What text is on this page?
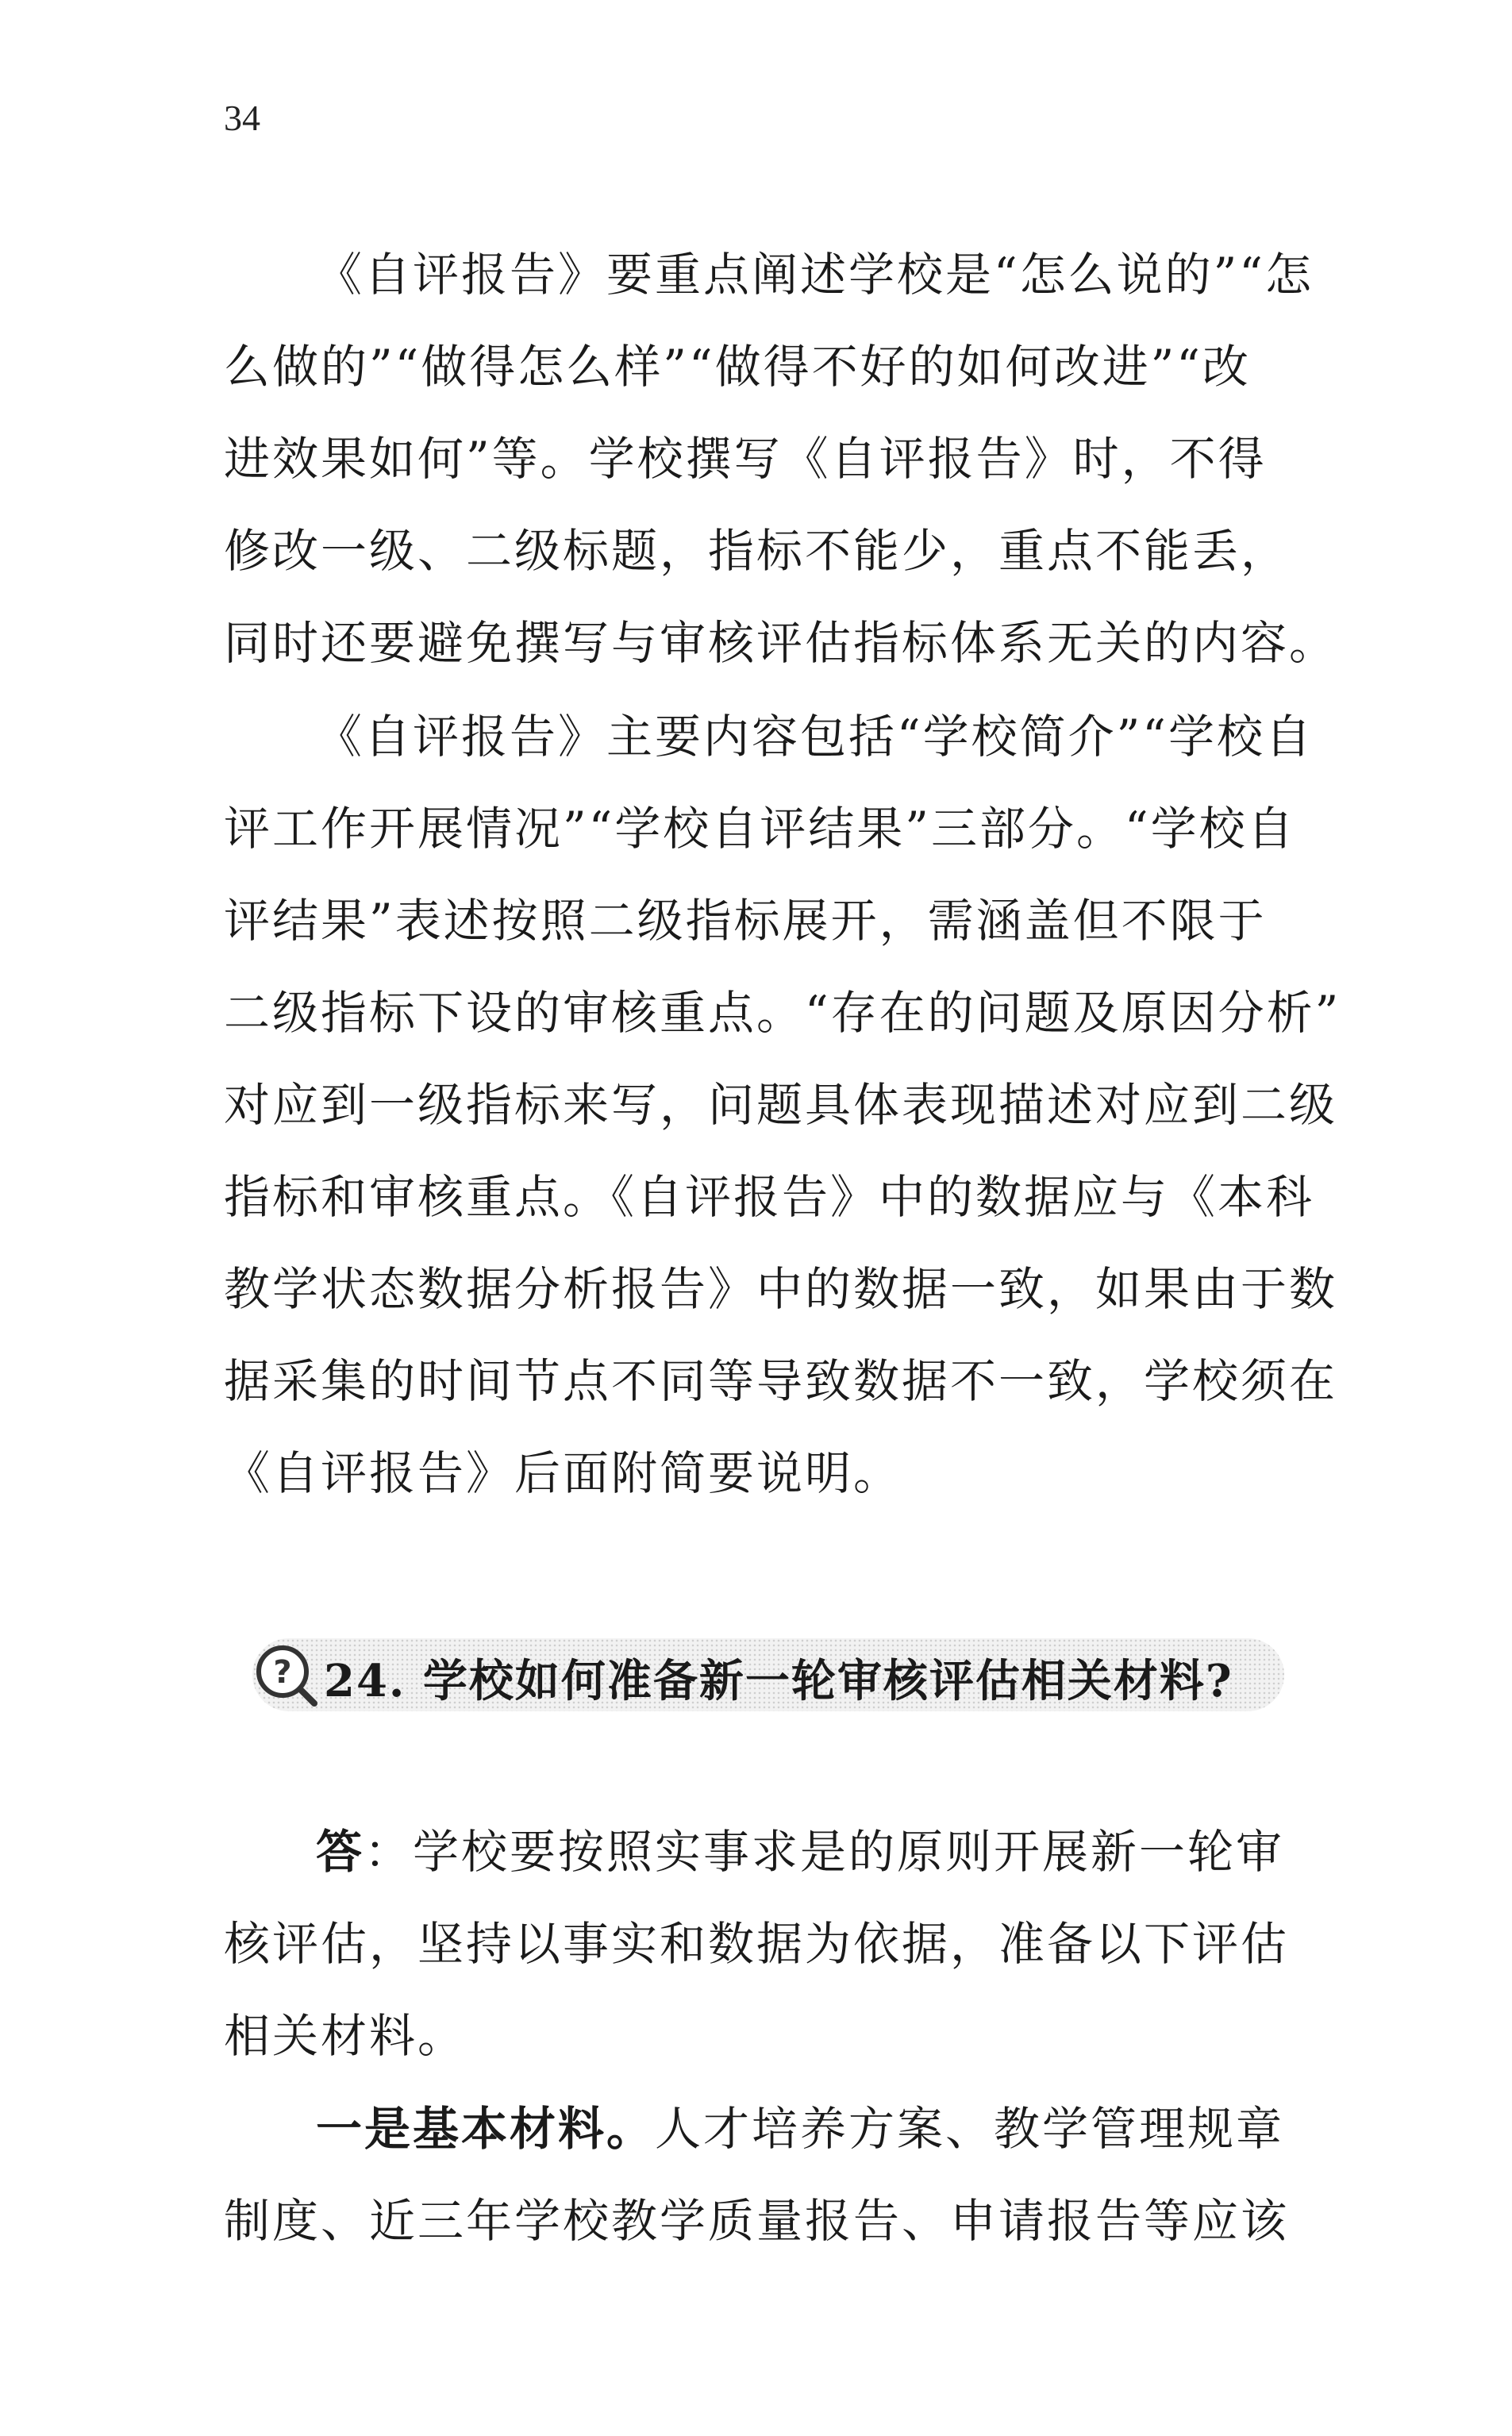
34

《自评报告》要重点阐述学校是“怎么说的”“怎
么做的”“做得怎么样”“做得不好的如何改进”“改
进效果如何”等。学校撰写《自评报告》时，不得
修改一级、二级标题，指标不能少，重点不能丢，
同时还要避免撰写与审核评估指标体系无关的内容。

《自评报告》主要内容包括“学校简介”“学校自
评工作开展情况”“学校自评结果”三部分。“学校自
评结果”表述按照二级指标展开，需涵盖但不限于
二级指标下设的审核重点。“存在的问题及原因分析”
对应到一级指标来写，问题具体表现描述对应到二级
指标和审核重点。《自评报告》中的数据应与《本科
教学状态数据分析报告》中的数据一致，如果由于数
据采集的时间节点不同等导致数据不一致，学校须在
《自评报告》后面附简要说明。

? 24. 学校如何准备新一轮审核评估相关材料?

答：学校要按照实事求是的原则开展新一轮审
核评估，坚持以事实和数据为依据，准备以下评估
相关材料。

一是基本材料。人才培养方案、教学管理规章
制度、近三年学校教学质量报告、申请报告等应该
